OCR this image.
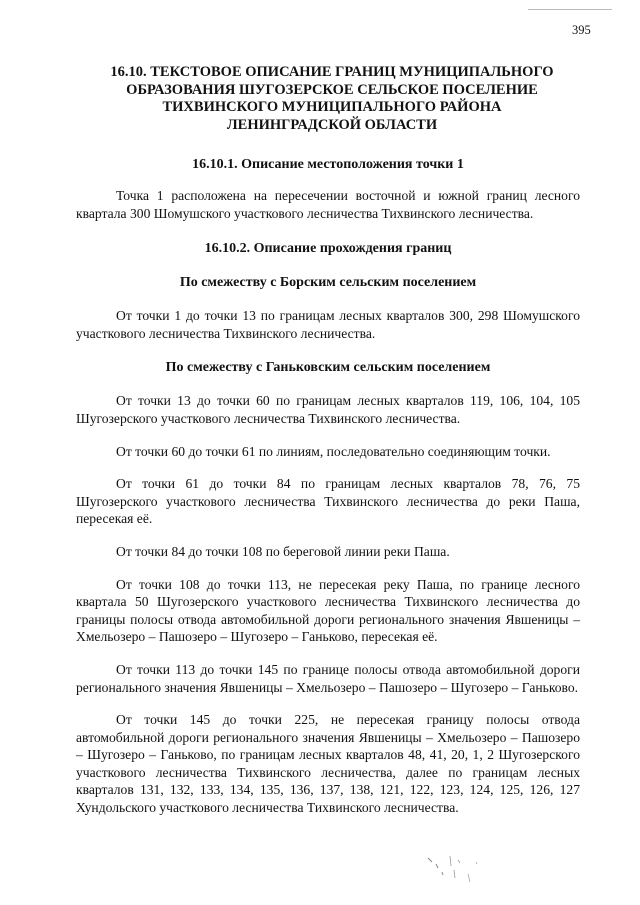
395
16.10. ТЕКСТОВОЕ ОПИСАНИЕ ГРАНИЦ МУНИЦИПАЛЬНОГО
ОБРАЗОВАНИЯ ШУГОЗЕРСКОЕ СЕЛЬСКОЕ ПОСЕЛЕНИЕ
ТИХВИНСКОГО МУНИЦИПАЛЬНОГО РАЙОНА
ЛЕНИНГРАДСКОЙ ОБЛАСТИ
16.10.1. Описание местоположения точки 1

Точка 1 расположена на пересечении восточной и южной границ лесного квартала 300 Шомушского участкового лесничества Тихвинского лесничества.

16.10.2. Описание прохождения границ
По смежеству с Борским сельским поселением

От точки 1 до точки 13 по границам лесных кварталов 300, 298 Шомушского участкового лесничества Тихвинского лесничества.

По смежеству с Ганьковским сельским поселением

От точки 13 до точки 60 по границам лесных кварталов 119, 106, 104, 105 Шугозерского участкового лесничества Тихвинского лесничества.

От точки 60 до точки 61 по линиям, последовательно соединяющим точки.

От точки 61 до точки 84 по границам лесных кварталов 78, 76, 75 Шугозерского участкового лесничества Тихвинского лесничества до реки Паша, пересекая её.

От точки 84 до точки 108 по береговой линии реки Паша.

От точки 108 до точки 113, не пересекая реку Паша, по границе лесного квартала 50 Шугозерского участкового лесничества Тихвинского лесничества до границы полосы отвода автомобильной дороги регионального значения Явшеницы – Хмельозеро – Пашозеро – Шугозеро – Ганьково, пересекая её.

От точки 113 до точки 145 по границе полосы отвода автомобильной дороги регионального значения Явшеницы – Хмельозеро – Пашозеро – Шугозеро – Ганьково.

От точки 145 до точки 225, не пересекая границу полосы отвода автомобильной дороги регионального значения Явшеницы – Хмельозеро – Пашозеро – Шугозеро – Ганьково, по границам лесных кварталов 48, 41, 20, 1, 2 Шугозерского участкового лесничества Тихвинского лесничества, далее по границам лесных кварталов 131, 132, 133, 134, 135, 136, 137, 138, 121, 122, 123, 124, 125, 126, 127 Хундольского участкового лесничества Тихвинского лесничества.
